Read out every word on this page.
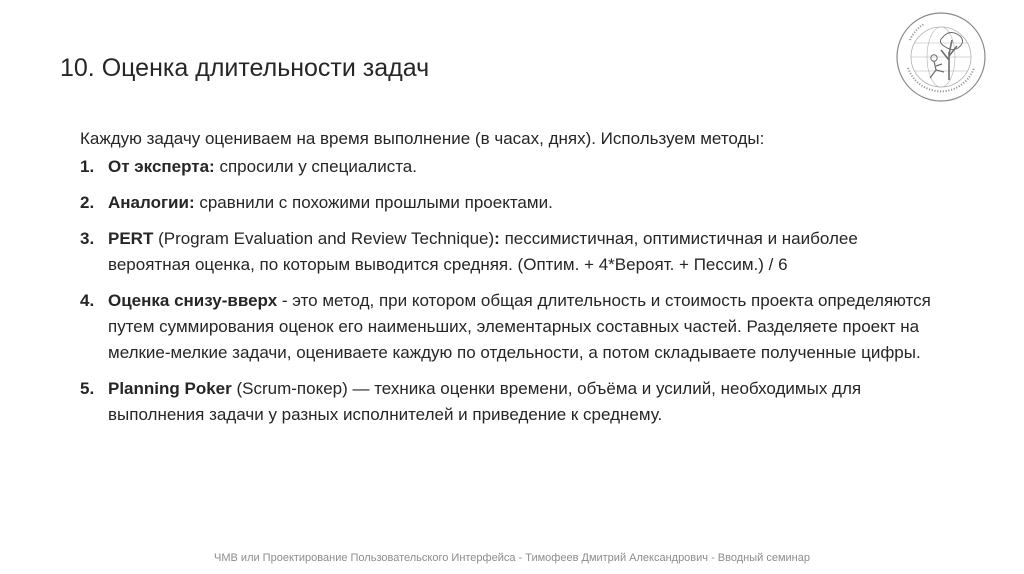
10. Оценка длительности задач

Каждую задачу оцениваем на время выполнение (в часах, днях). Используем методы:

1. От эксперта: спросили у специалиста.
2. Аналогии: сравнили с похожими прошлыми проектами.
3. PERT (Program Evaluation and Review Technique): пессимистичная, оптимистичная и наиболее вероятная оценка, по которым выводится средняя. (Оптим. + 4*Вероят. + Пессим.) / 6
4. Оценка снизу-вверх - это метод, при котором общая длительность и стоимость проекта определяются путем суммирования оценок его наименьших, элементарных составных частей. Разделяете проект на мелкие-мелкие задачи, оцениваете каждую по отдельности, а потом складываете полученные цифры.
5. Planning Poker (Scrum-покер) — техника оценки времени, объёма и усилий, необходимых для выполнения задачи у разных исполнителей и приведение к среднему.
ЧМВ или Проектирование Пользовательского Интерфейса - Тимофеев Дмитрий Александрович - Вводный семинар
